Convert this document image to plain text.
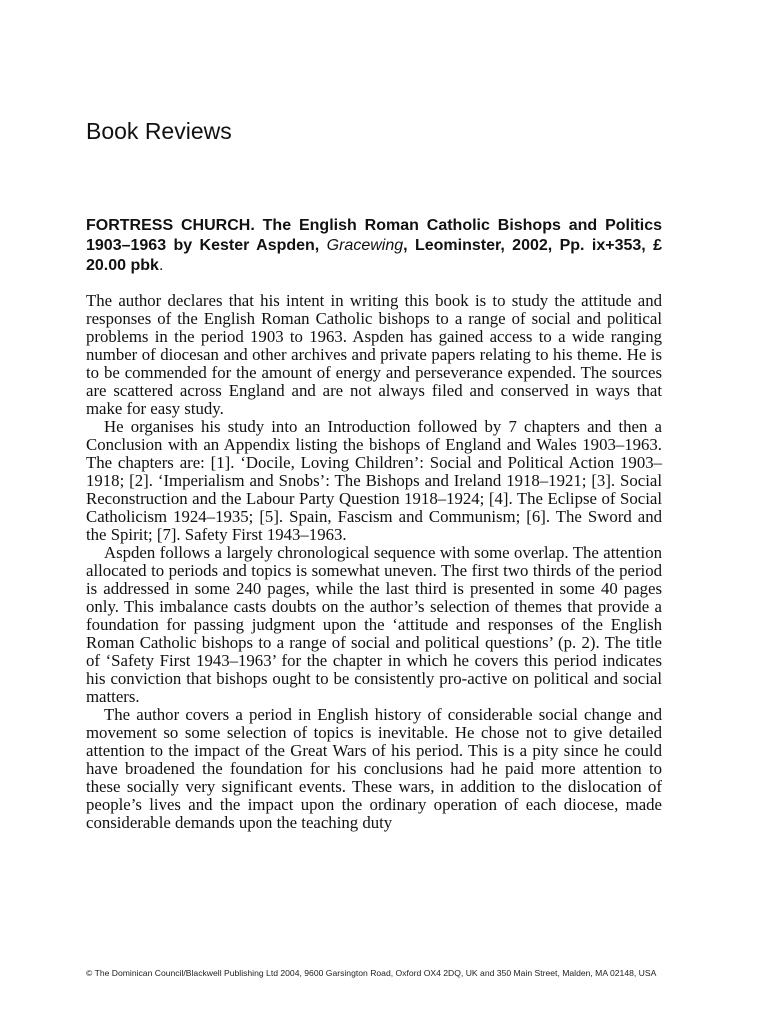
Book Reviews
FORTRESS CHURCH. The English Roman Catholic Bishops and Politics 1903–1963 by Kester Aspden, Gracewing, Leominster, 2002, Pp. ix+353, £ 20.00 pbk.

The author declares that his intent in writing this book is to study the attitude and responses of the English Roman Catholic bishops to a range of social and political problems in the period 1903 to 1963. Aspden has gained access to a wide ranging number of diocesan and other archives and private papers relating to his theme. He is to be commended for the amount of energy and perseverance expended. The sources are scattered across England and are not always filed and conserved in ways that make for easy study.

He organises his study into an Introduction followed by 7 chapters and then a Conclusion with an Appendix listing the bishops of England and Wales 1903–1963. The chapters are: [1]. ‘Docile, Loving Children’: Social and Political Action 1903–1918; [2]. ‘Imperialism and Snobs’: The Bishops and Ireland 1918–1921; [3]. Social Reconstruction and the Labour Party Question 1918–1924; [4]. The Eclipse of Social Catholicism 1924–1935; [5]. Spain, Fascism and Communism; [6]. The Sword and the Spirit; [7]. Safety First 1943–1963.

Aspden follows a largely chronological sequence with some overlap. The attention allocated to periods and topics is somewhat uneven. The first two thirds of the period is addressed in some 240 pages, while the last third is presented in some 40 pages only. This imbalance casts doubts on the author’s selection of themes that provide a foundation for passing judgment upon the ‘attitude and responses of the English Roman Catholic bishops to a range of social and political questions’ (p. 2). The title of ‘Safety First 1943–1963’ for the chapter in which he covers this period indicates his conviction that bishops ought to be consistently pro-active on political and social matters.

The author covers a period in English history of considerable social change and movement so some selection of topics is inevitable. He chose not to give detailed attention to the impact of the Great Wars of his period. This is a pity since he could have broadened the foundation for his conclusions had he paid more attention to these socially very significant events. These wars, in addition to the dislocation of people’s lives and the impact upon the ordinary operation of each diocese, made considerable demands upon the teaching duty

© The Dominican Council/Blackwell Publishing Ltd 2004, 9600 Garsington Road, Oxford OX4 2DQ, UK and 350 Main Street, Malden, MA 02148, USA
